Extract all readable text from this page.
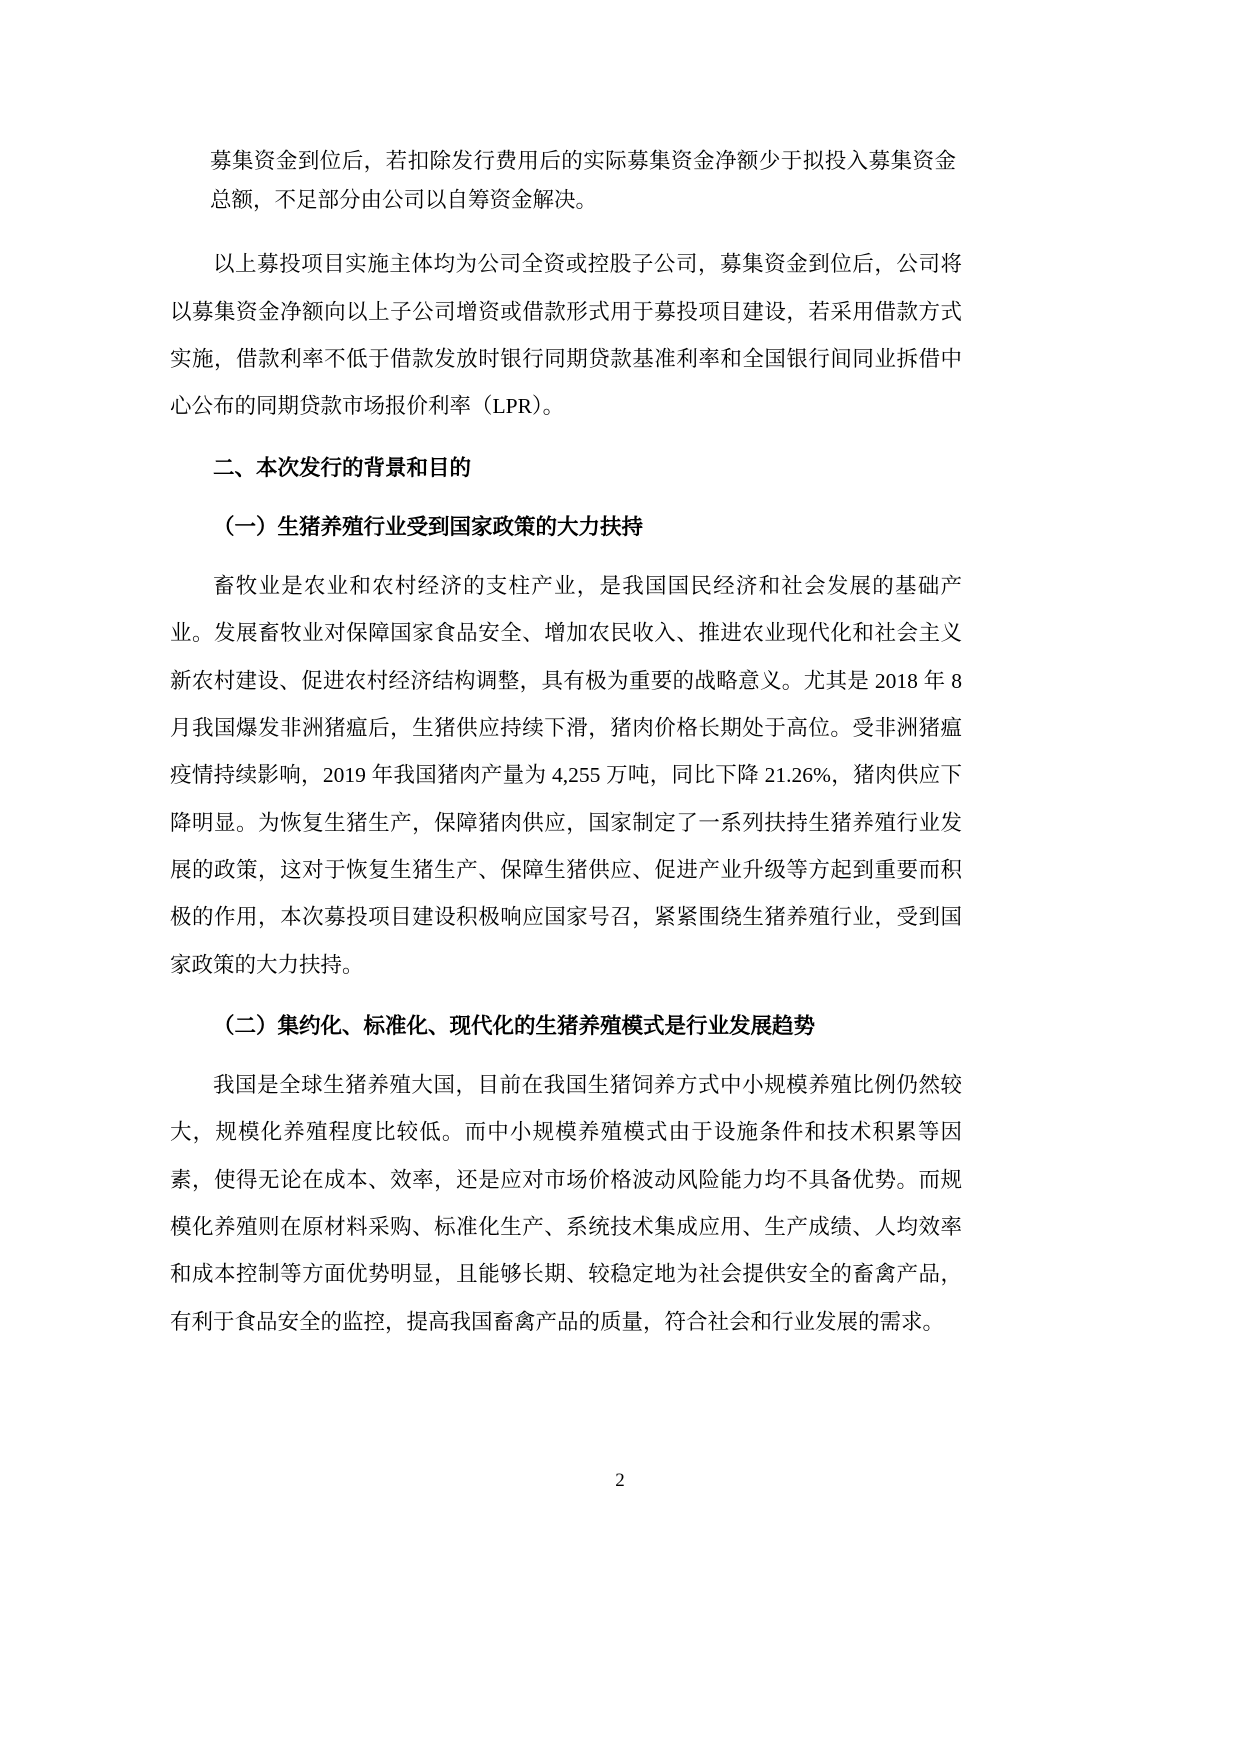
募集资金到位后，若扣除发行费用后的实际募集资金净额少于拟投入募集资金总额，不足部分由公司以自筹资金解决。

以上募投项目实施主体均为公司全资或控股子公司，募集资金到位后，公司将以募集资金净额向以上子公司增资或借款形式用于募投项目建设，若采用借款方式实施，借款利率不低于借款发放时银行同期贷款基准利率和全国银行间同业拆借中心公布的同期贷款市场报价利率（LPR）。

二、本次发行的背景和目的
（一）生猪养殖行业受到国家政策的大力扶持

畜牧业是农业和农村经济的支柱产业，是我国国民经济和社会发展的基础产业。发展畜牧业对保障国家食品安全、增加农民收入、推进农业现代化和社会主义新农村建设、促进农村经济结构调整，具有极为重要的战略意义。尤其是 2018 年 8 月我国爆发非洲猪瘟后，生猪供应持续下滑，猪肉价格长期处于高位。受非洲猪瘟疫情持续影响，2019 年我国猪肉产量为 4,255 万吨，同比下降 21.26%，猪肉供应下降明显。为恢复生猪生产，保障猪肉供应，国家制定了一系列扶持生猪养殖行业发展的政策，这对于恢复生猪生产、保障生猪供应、促进产业升级等方起到重要而积极的作用，本次募投项目建设积极响应国家号召，紧紧围绕生猪养殖行业，受到国家政策的大力扶持。

（二）集约化、标准化、现代化的生猪养殖模式是行业发展趋势

我国是全球生猪养殖大国，目前在我国生猪饲养方式中小规模养殖比例仍然较大，规模化养殖程度比较低。而中小规模养殖模式由于设施条件和技术积累等因素，使得无论在成本、效率，还是应对市场价格波动风险能力均不具备优势。而规模化养殖则在原材料采购、标准化生产、系统技术集成应用、生产成绩、人均效率和成本控制等方面优势明显，且能够长期、较稳定地为社会提供安全的畜禽产品，有利于食品安全的监控，提高我国畜禽产品的质量，符合社会和行业发展的需求。

2
